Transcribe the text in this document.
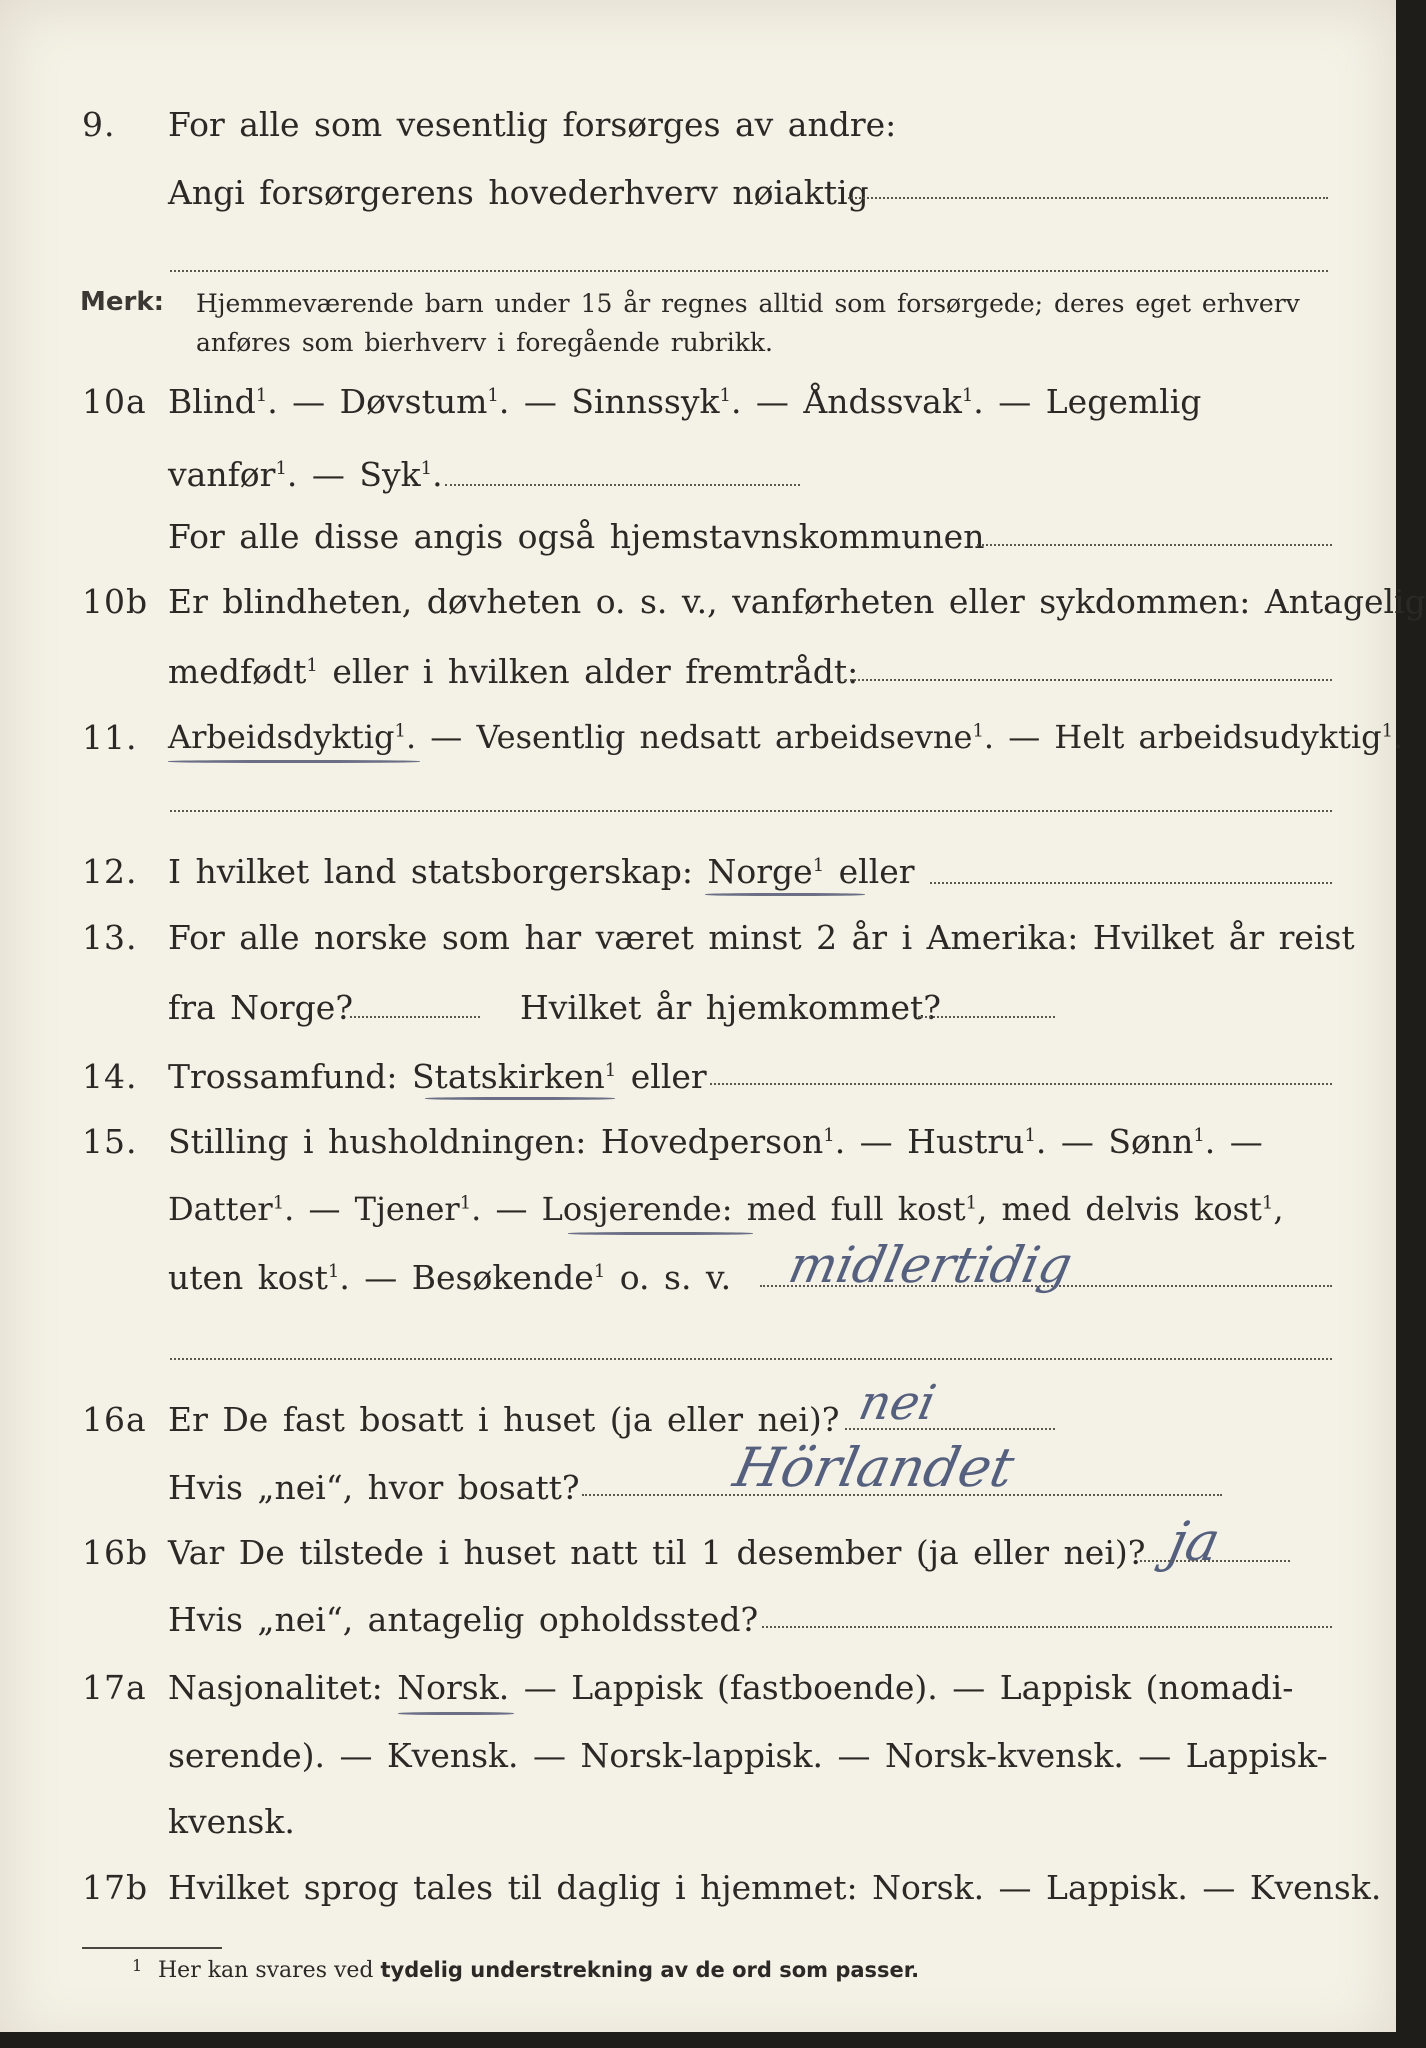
9. For alle som vesentlig forsørges av andre:
Angi forsørgerens hovederhverv nøiaktig
Merk: Hjemmeværende barn under 15 år regnes alltid som forsørgede; deres eget erhverv
anføres som bierhverv i foregående rubrikk.
10a Blind$^1$. — Døvstum$^1$. — Sinnssyk$^1$. — Åndssvak$^1$. — Legemlig
vanfør$^1$. — Syk$^1$.
For alle disse angis også hjemstavnskommunen
10b Er blindheten, døvheten o. s. v., vanførheten eller sykdommen: Antagelig
medfødt$^1$ eller i hvilken alder fremtrådt:
11. Arbeidsdyktig$^1$. — Vesentlig nedsatt arbeidsevne$^1$. — Helt arbeidsudyktig$^1$.
12. I hvilket land statsborgerskap: Norge$^1$ eller
13. For alle norske som har været minst 2 år i Amerika: Hvilket år reist
fra Norge?	Hvilket år hjemkommet?
14. Trossamfund: Statskirken$^1$ eller
15. Stilling i husholdningen: Hovedperson$^1$. — Hustru$^1$. — Sønn$^1$. —
Datter$^1$. — Tjener$^1$. — Losjerende: med full kost$^1$, med delvis kost$^1$,
uten kost$^1$. — Besøkende$^1$ o. s. v. midlertidig
16a Er De fast bosatt i huset (ja eller nei)? nei
Hvis „nei“, hvor bosatt?	Hörlandet
16b Var De tilstede i huset natt til 1 desember (ja eller nei)? ja
Hvis „nei“, antagelig opholdssted?
17a Nasjonalitet: Norsk. — Lappisk (fastboende). — Lappisk (nomadi-
serende). — Kvensk. — Norsk-lappisk. — Norsk-kvensk. — Lappisk-
kvensk.
17b Hvilket sprog tales til daglig i hjemmet: Norsk. — Lappisk. — Kvensk.
1 Her kan svares ved tydelig understrekning av de ord som passer.
